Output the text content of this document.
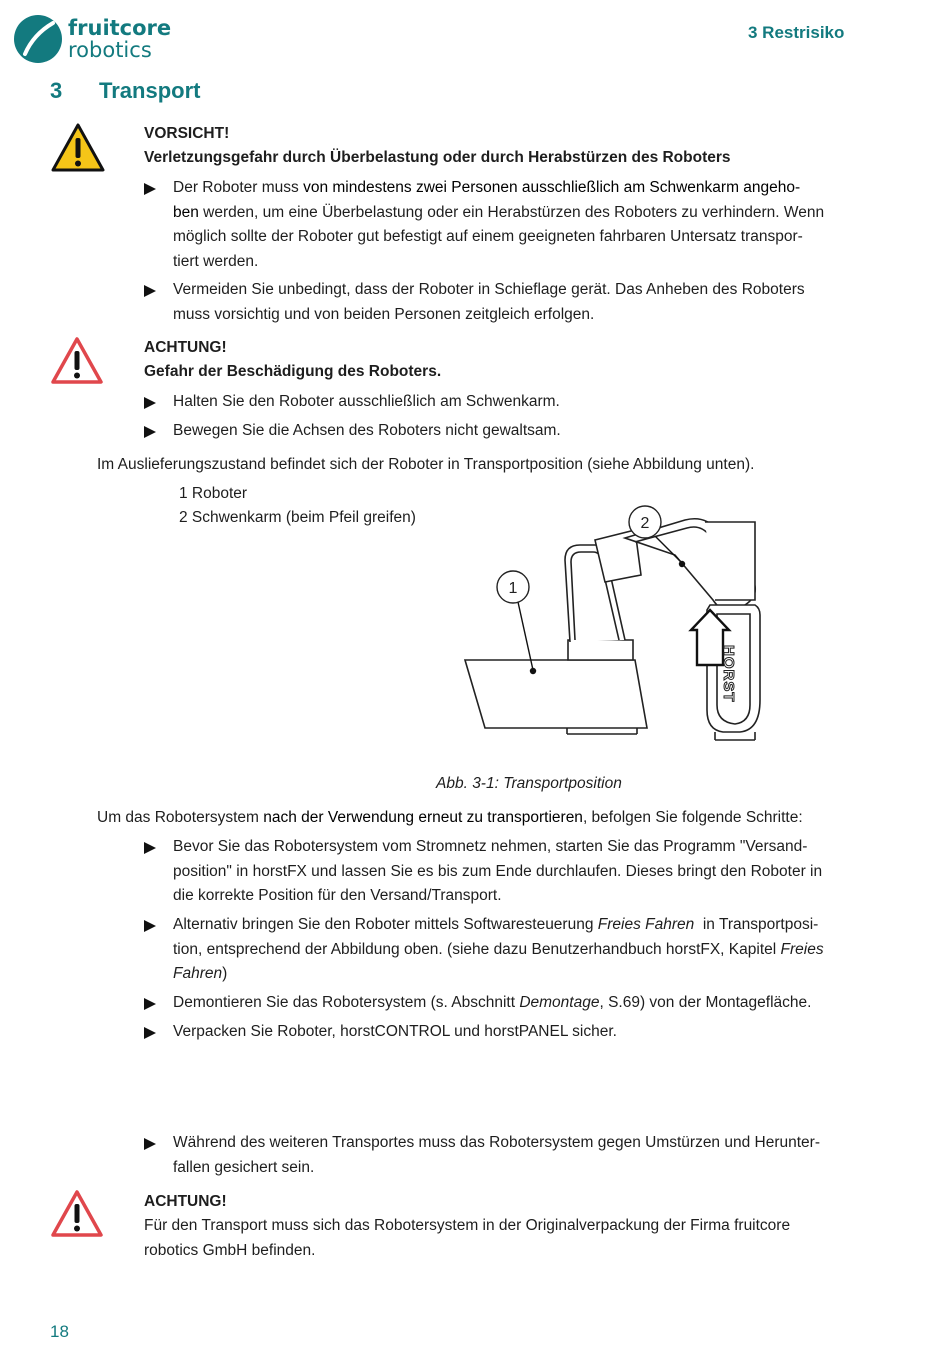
fruitcore
robotics
3 Restrisiko
3 Transport
VORSICHT!
Verletzungsgefahr durch Überbelastung oder durch Herabstürzen des Roboters
Der Roboter muss von mindestens zwei Personen ausschließlich am Schwenkarm angeho-
ben werden, um eine Überbelastung oder ein Herabstürzen des Roboters zu verhindern. Wenn
möglich sollte der Roboter gut befestigt auf einem geeigneten fahrbaren Untersatz transpor-
tiert werden.
Vermeiden Sie unbedingt, dass der Roboter in Schieflage gerät. Das Anheben des Roboters
muss vorsichtig und von beiden Personen zeitgleich erfolgen.
ACHTUNG!
Gefahr der Beschädigung des Roboters.
Halten Sie den Roboter ausschließlich am Schwenkarm.
Bewegen Sie die Achsen des Roboters nicht gewaltsam.
Im Auslieferungszustand befindet sich der Roboter in Transportposition (siehe Abbildung unten).
1 Roboter
2 Schwenkarm (beim Pfeil greifen)
1
2
HORST
Abb. 3-1: Transportposition
Um das Robotersystem nach der Verwendung erneut zu transportieren, befolgen Sie folgende Schritte:
Bevor Sie das Robotersystem vom Stromnetz nehmen, starten Sie das Programm "Versand-
position" in horstFX und lassen Sie es bis zum Ende durchlaufen. Dieses bringt den Roboter in
die korrekte Position für den Versand/Transport.
Alternativ bringen Sie den Roboter mittels Softwaresteuerung Freies Fahren  in Transportposi-
tion, entsprechend der Abbildung oben. (siehe dazu Benutzerhandbuch horstFX, Kapitel Freies
Fahren)
Demontieren Sie das Robotersystem (s. Abschnitt Demontage, S.69) von der Montagefläche.
Verpacken Sie Roboter, horstCONTROL und horstPANEL sicher.
Während des weiteren Transportes muss das Robotersystem gegen Umstürzen und Herunter-
fallen gesichert sein.
ACHTUNG!
Für den Transport muss sich das Robotersystem in der Originalverpackung der Firma fruitcore
robotics GmbH befinden.
18
